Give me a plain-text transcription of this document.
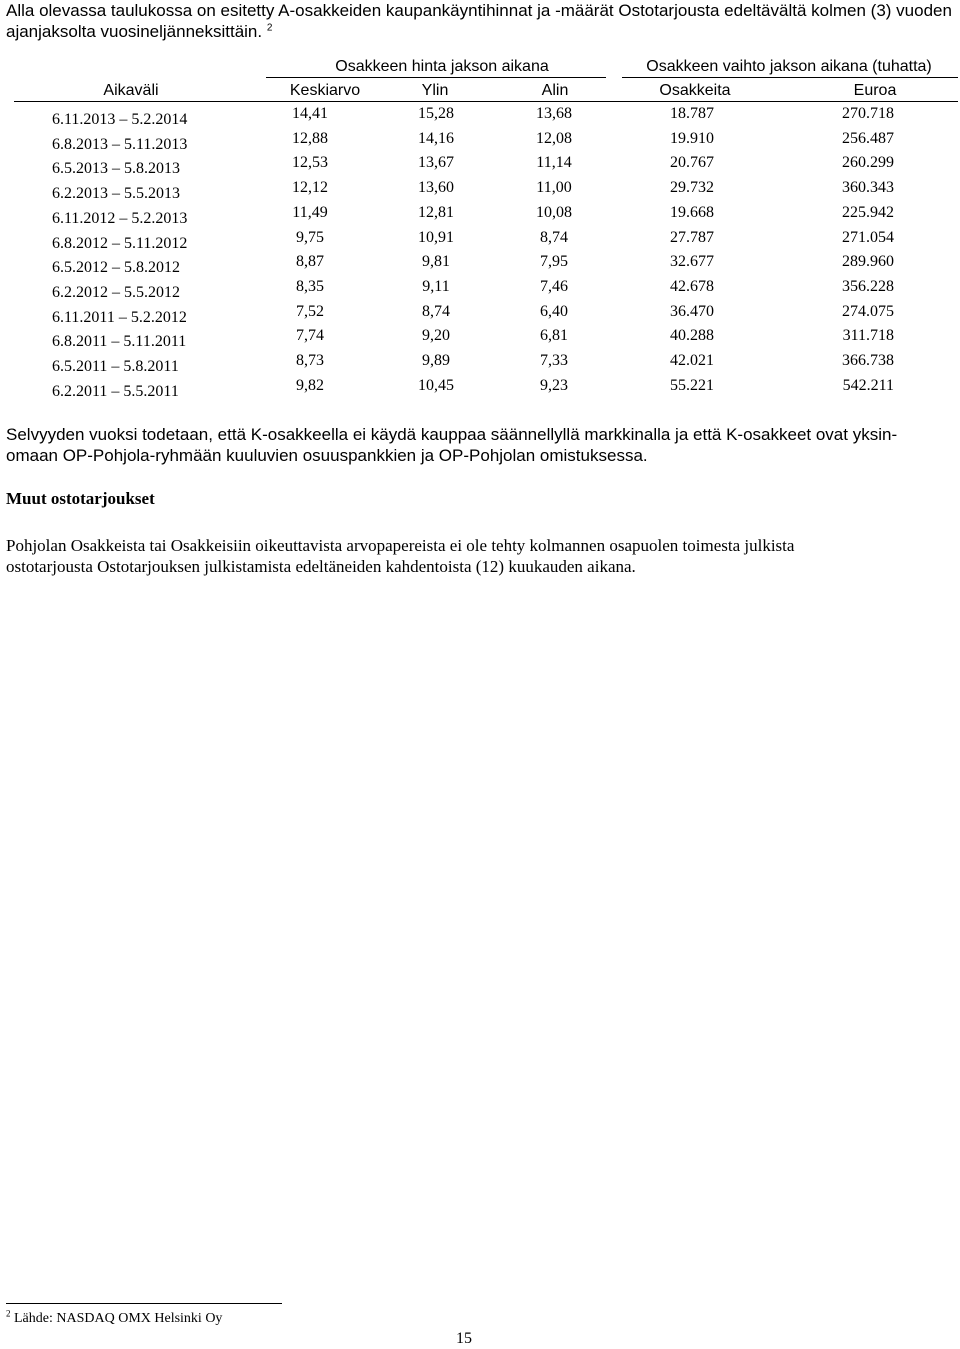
Alla olevassa taulukossa on esitetty A-osakkeiden kaupankäyntihinnat ja -määrät Ostotarjousta edeltävältä kolmen (3) vuoden ajanjaksolta vuosineljänneksittäin. $^2$
Osakkeen hinta jakson aikana	Osakkeen vaihto jakson aikana (tuhatta)
Aikaväli	Keskiarvo	Ylin	Alin	Osakkeita	Euroa
6.11.2013 – 5.2.2014	14,41	15,28	13,68	18.787	270.718
6.8.2013 – 5.11.2013	12,88	14,16	12,08	19.910	256.487
6.5.2013 – 5.8.2013	12,53	13,67	11,14	20.767	260.299
6.2.2013 – 5.5.2013	12,12	13,60	11,00	29.732	360.343
6.11.2012 – 5.2.2013	11,49	12,81	10,08	19.668	225.942
6.8.2012 – 5.11.2012	9,75	10,91	8,74	27.787	271.054
6.5.2012 – 5.8.2012	8,87	9,81	7,95	32.677	289.960
6.2.2012 – 5.5.2012	8,35	9,11	7,46	42.678	356.228
6.11.2011 – 5.2.2012	7,52	8,74	6,40	36.470	274.075
6.8.2011 – 5.11.2011	7,74	9,20	6,81	40.288	311.718
6.5.2011 – 5.8.2011	8,73	9,89	7,33	42.021	366.738
6.2.2011 – 5.5.2011	9,82	10,45	9,23	55.221	542.211
Selvyyden vuoksi todetaan, että K-osakkeella ei käydä kauppaa säännellyllä markkinalla ja että K-osakkeet ovat yksin-
omaan OP-Pohjola-ryhmään kuuluvien osuuspankkien ja OP-Pohjolan omistuksessa.
Muut ostotarjoukset
Pohjolan Osakkeista tai Osakkeisiin oikeuttavista arvopapereista ei ole tehty kolmannen osapuolen toimesta julkista
ostotarjousta Ostotarjouksen julkistamista edeltäneiden kahdentoista (12) kuukauden aikana.
$^2$ Lähde: NASDAQ OMX Helsinki Oy
15
